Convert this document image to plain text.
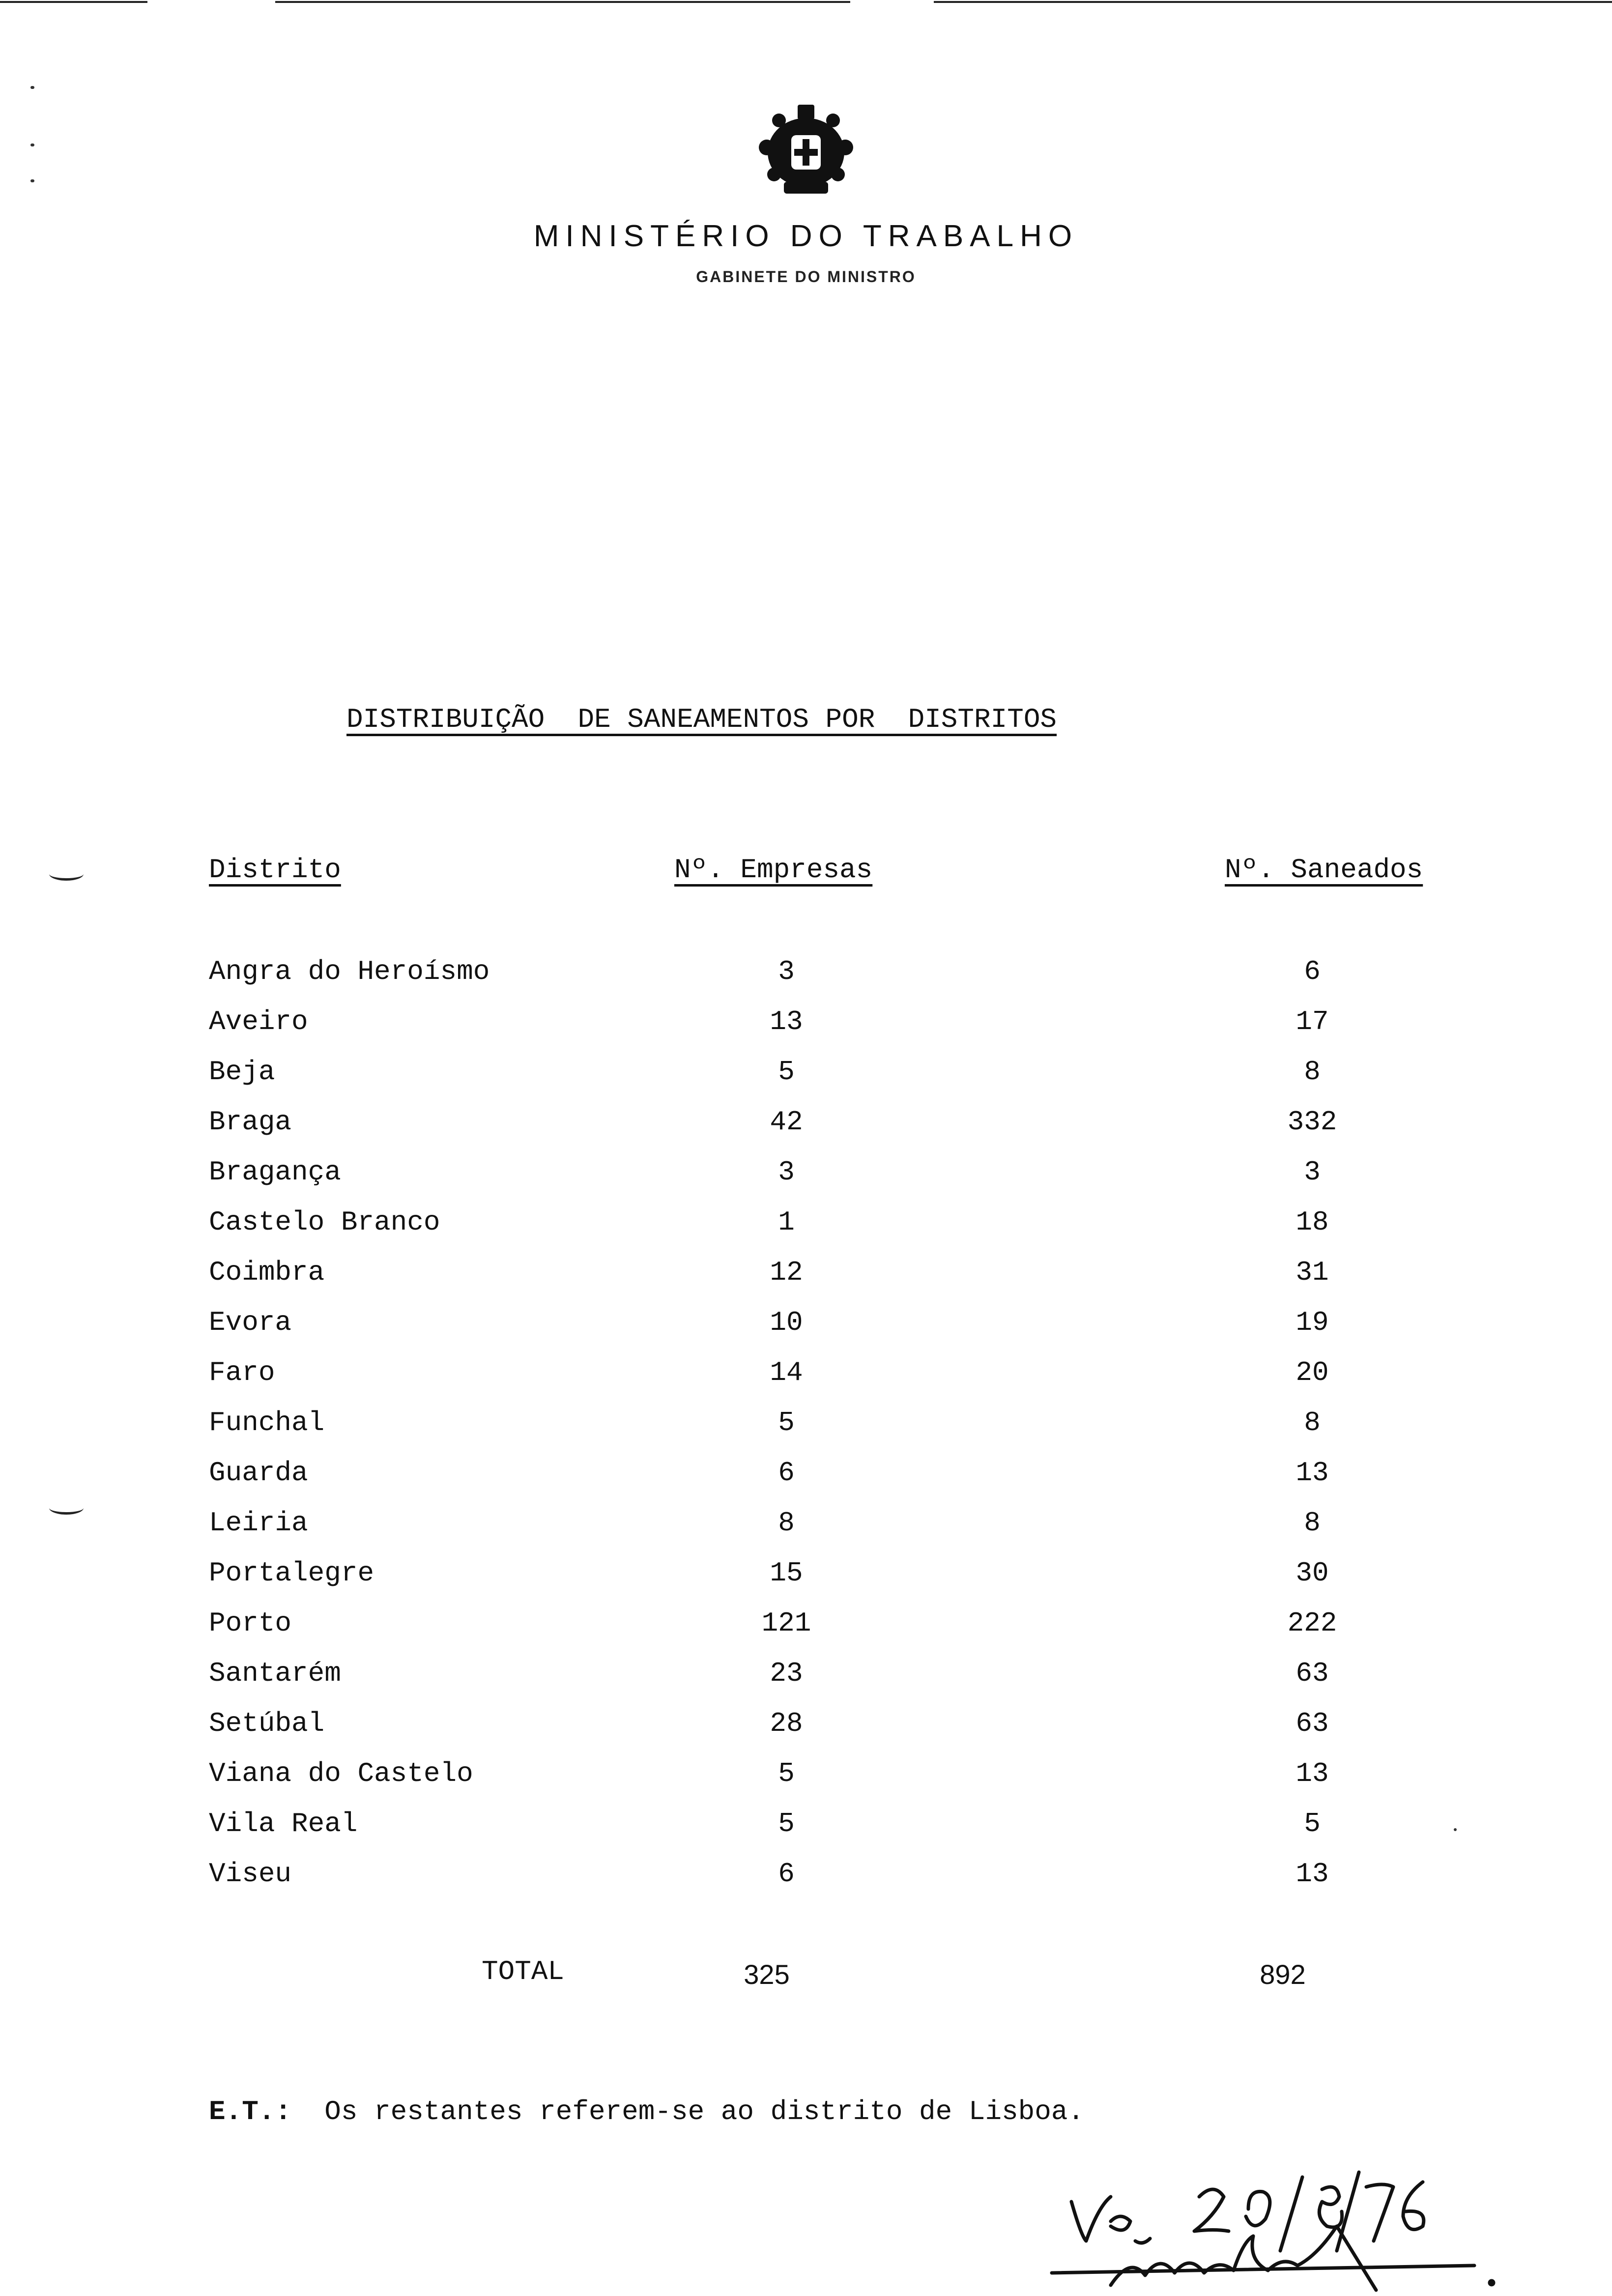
MINISTÉRIO DO TRABALHO
GABINETE DO MINISTRO
DISTRIBUIÇÃO  DE SANEAMENTOS POR  DISTRITOS
Distrito	Nº. Empresas	Nº. Saneados
Angra do Heroísmo	3	6
Aveiro	13	17
Beja	5	8
Braga	42	332
Bragança	3	3
Castelo Branco	1	18
Coimbra	12	31
Evora	10	19
Faro	14	20
Funchal	5	8
Guarda	6	13
Leiria	8	8
Portalegre	15	30
Porto	121	222
Santarém	23	63
Setúbal	28	63
Viana do Castelo	5	13
Vila Real	5	5
Viseu	6	13
TOTAL	325	892
E.T.: Os restantes referem-se ao distrito de Lisboa.
